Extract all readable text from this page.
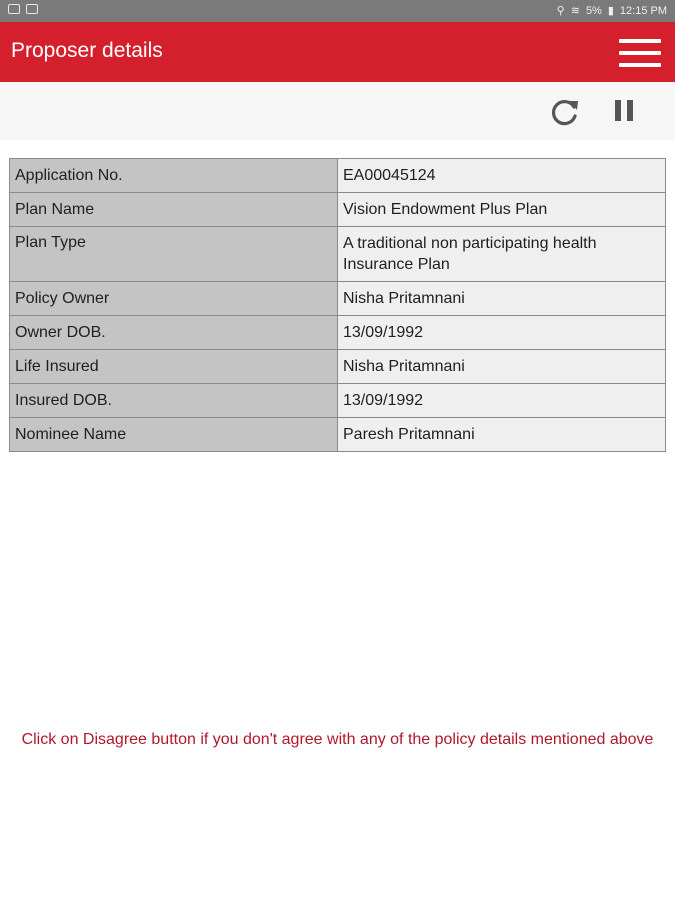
⚲ ≋ 5% ▮ 12:15 PM
Proposer details
Application No.	EA00045124
Plan Name	Vision Endowment Plus Plan
Plan Type	A traditional non participating health Insurance Plan
Policy Owner	Nisha Pritamnani
Owner DOB.	13/09/1992
Life Insured	Nisha Pritamnani
Insured DOB.	13/09/1992
Nominee Name	Paresh Pritamnani
Click on Disagree button if you don't agree with any of the policy details mentioned above
